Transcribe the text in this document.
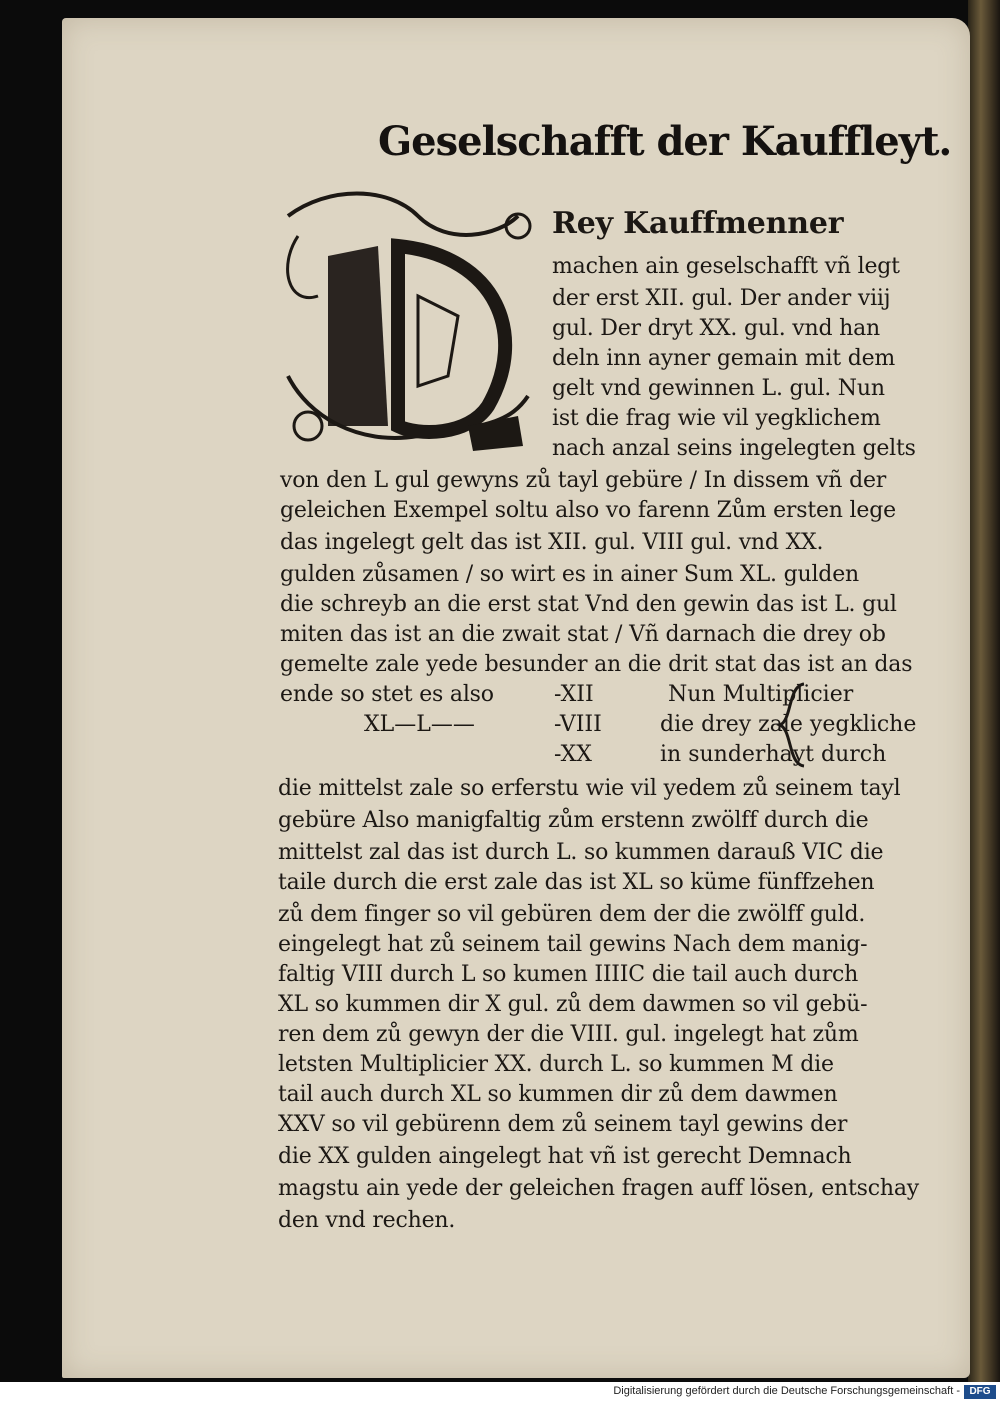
Geselschafft der Kauffleyt.
Rey Kauffmenner
machen ain geselschafft vñ legt
der erst XII. gul. Der ander viij
gul. Der dryt XX. gul. vnd han
deln inn ayner gemain mit dem
gelt vnd gewinnen L. gul. Nun
ist die frag wie vil yegklichem
nach anzal seins ingelegten gelts
von den L gul gewyns zů tayl gebüre / In dissem vñ der
geleichen Exempel soltu also vo farenn Zům ersten lege
das ingelegt gelt das ist XII. gul. VIII gul. vnd XX.
gulden zůsamen / so wirt es in ainer Sum XL. gulden
die schreyb an die erst stat Vnd den gewin das ist L. gul
miten das ist an die zwait stat / Vñ darnach die drey ob
gemelte zale yede besunder an die drit stat das ist an das
ende so stet es also
XL—L——
-XII
-VIII
-XX
Nun Multiplicier
die drey zale yegkliche
in sunderhayt durch
die mittelst zale so erferstu wie vil yedem zů seinem tayl
gebüre Also manigfaltig zům erstenn zwölff durch die
mittelst zal das ist durch L. so kummen darauß VIC die
taile durch die erst zale das ist XL so küme fünffzehen
zů dem finger so vil gebüren dem der die zwölff guld.
eingelegt hat zů seinem tail gewins Nach dem manig-
faltig VIII durch L so kumen IIIIC die tail auch durch
XL so kummen dir X gul. zů dem dawmen so vil gebü-
ren dem zů gewyn der die VIII. gul. ingelegt hat zům
letsten Multiplicier XX. durch L. so kummen M die
tail auch durch XL so kummen dir zů dem dawmen
XXV so vil gebürenn dem zů seinem tayl gewins der
die XX gulden aingelegt hat vñ ist gerecht Demnach
magstu ain yede der geleichen fragen auff lösen, entschay
den vnd rechen.
Digitalisierung gefördert durch die Deutsche Forschungsgemeinschaft - DFG
